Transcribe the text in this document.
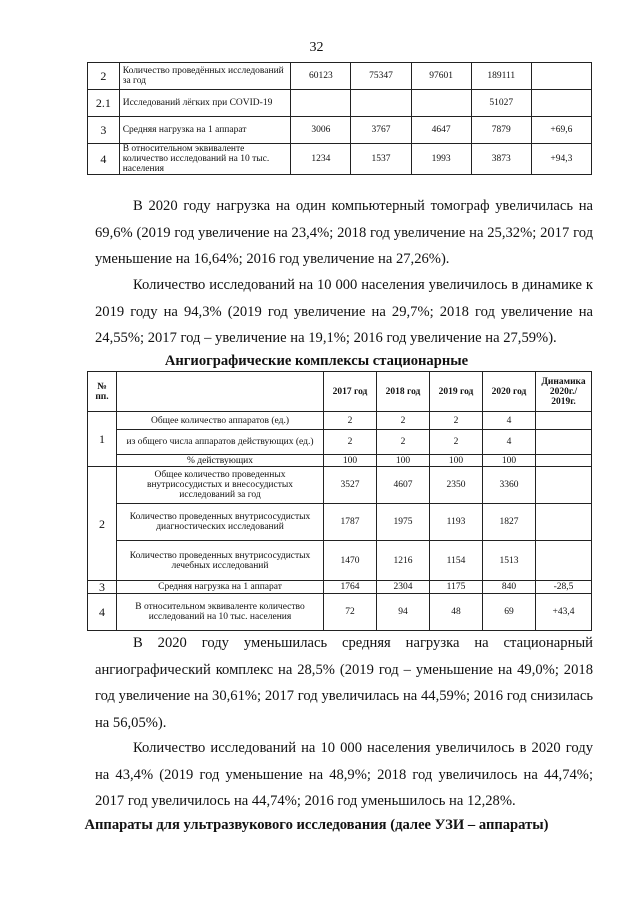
32
2	Количество проведённых исследований за год	60123	75347	97601	189111	
2.1	Исследований лёгких при COVID-19				51027	
3	Средняя нагрузка на 1 аппарат	3006	3767	4647	7879	+69,6
4	В относительном эквиваленте количество исследований на 10 тыс. населения	1234	1537	1993	3873	+94,3
В 2020 году нагрузка на один компьютерный томограф увеличилась на 69,6% (2019 год увеличение на 23,4%; 2018 год увеличение на 25,32%; 2017 год уменьшение на 16,64%; 2016 год увеличение на 27,26%).
Количество исследований на 10 000 населения увеличилось в динамике к 2019 году на 94,3% (2019 год увеличение на 29,7%; 2018 год увеличение на 24,55%; 2017 год – увеличение на 19,1%; 2016 год увеличение на 27,59%).
Ангиографические комплексы стационарные
№ пп.		2017 год	2018 год	2019 год	2020 год	Динамика 2020г./ 2019г.
1	Общее количество аппаратов (ед.)	2	2	2	4	
	из общего числа аппаратов действующих (ед.)	2	2	2	4	
	% действующих	100	100	100	100	
2	Общее количество проведенных внутрисосудистых и внесосудистых исследований за год	3527	4607	2350	3360	
	Количество проведенных внутрисосудистых диагностических исследований	1787	1975	1193	1827	
	Количество проведенных внутрисосудистых лечебных исследований	1470	1216	1154	1513	
3	Средняя нагрузка на 1 аппарат	1764	2304	1175	840	-28,5
4	В относительном эквиваленте количество исследований на 10 тыс. населения	72	94	48	69	+43,4
В 2020 году уменьшилась средняя нагрузка на стационарный ангиографический комплекс на 28,5% (2019 год – уменьшение на 49,0%; 2018 год увеличение на 30,61%; 2017 год увеличилась на 44,59%; 2016 год снизилась на 56,05%).
Количество исследований на 10 000 населения увеличилось в 2020 году на 43,4% (2019 год уменьшение на 48,9%; 2018 год увеличилось на 44,74%; 2017 год увеличилось на 44,74%; 2016 год уменьшилось на 12,28%.
Аппараты для ультразвукового исследования (далее УЗИ – аппараты)
